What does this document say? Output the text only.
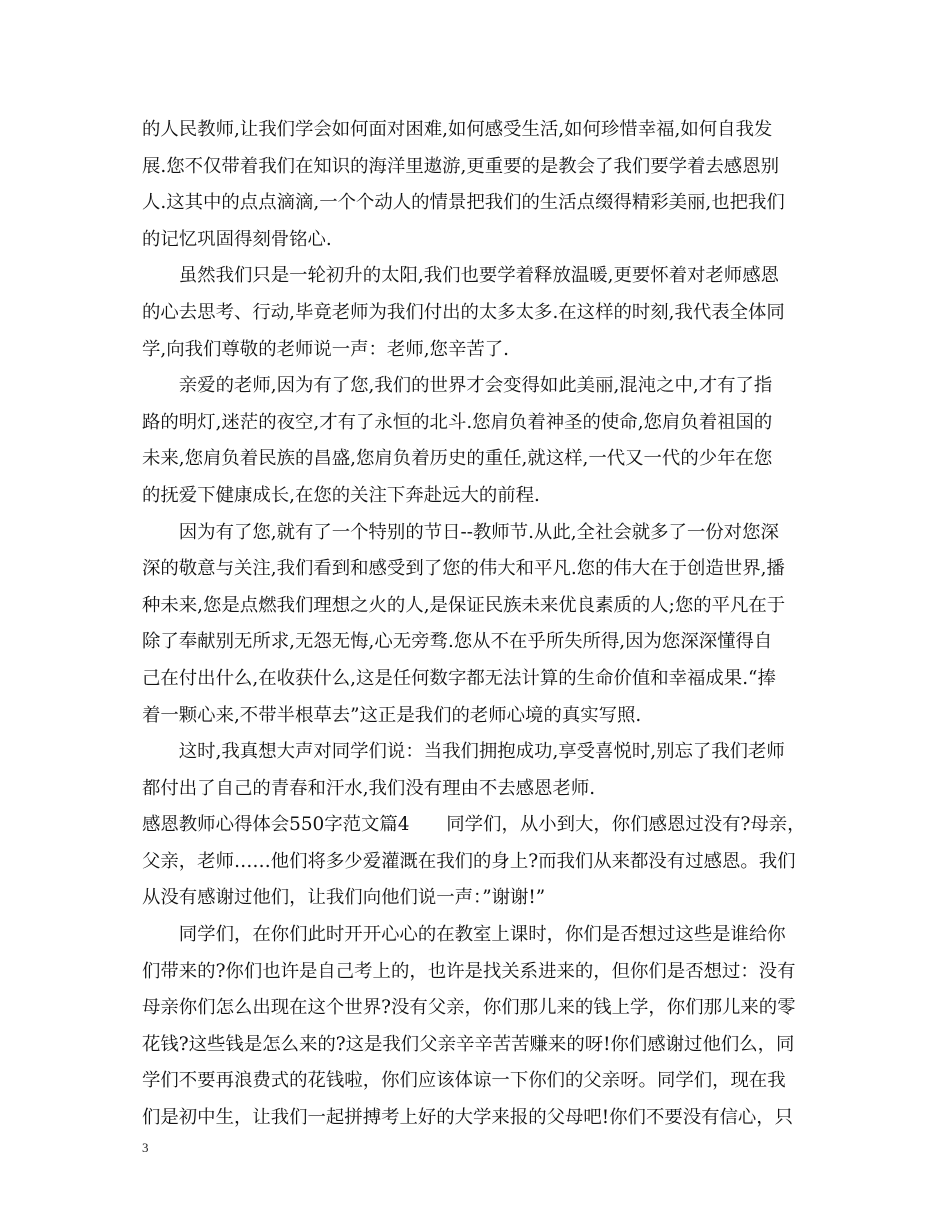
的人民教师,让我们学会如何面对困难,如何感受生活,如何珍惜幸福,如何自我发
展.您不仅带着我们在知识的海洋里遨游,更重要的是教会了我们要学着去感恩别
人.这其中的点点滴滴,一个个动人的情景把我们的生活点缀得精彩美丽,也把我们
的记忆巩固得刻骨铭心.
　　虽然我们只是一轮初升的太阳,我们也要学着释放温暖,更要怀着对老师感恩
的心去思考、行动,毕竟老师为我们付出的太多太多.在这样的时刻,我代表全体同
学,向我们尊敬的老师说一声：老师,您辛苦了.
　　亲爱的老师,因为有了您,我们的世界才会变得如此美丽,混沌之中,才有了指
路的明灯,迷茫的夜空,才有了永恒的北斗.您肩负着神圣的使命,您肩负着祖国的
未来,您肩负着民族的昌盛,您肩负着历史的重任,就这样,一代又一代的少年在您
的抚爱下健康成长,在您的关注下奔赴远大的前程.
　　因为有了您,就有了一个特别的节日--教师节.从此,全社会就多了一份对您深
深的敬意与关注,我们看到和感受到了您的伟大和平凡.您的伟大在于创造世界,播
种未来,您是点燃我们理想之火的人,是保证民族未来优良素质的人;您的平凡在于
除了奉献别无所求,无怨无悔,心无旁骛.您从不在乎所失所得,因为您深深懂得自
己在付出什么,在收获什么,这是任何数字都无法计算的生命价值和幸福成果.“捧
着一颗心来,不带半根草去”这正是我们的老师心境的真实写照.
　　这时,我真想大声对同学们说：当我们拥抱成功,享受喜悦时,别忘了我们老师
都付出了自己的青春和汗水,我们没有理由不去感恩老师.
感恩教师心得体会550字范文篇4　　同学们，从小到大，你们感恩过没有?母亲，
父亲，老师……他们将多少爱灌溉在我们的身上?而我们从来都没有过感恩。我们
从没有感谢过他们，让我们向他们说一声：”谢谢!”
　　同学们，在你们此时开开心心的在教室上课时，你们是否想过这些是谁给你
们带来的?你们也许是自己考上的，也许是找关系进来的，但你们是否想过：没有
母亲你们怎么出现在这个世界?没有父亲，你们那儿来的钱上学，你们那儿来的零
花钱?这些钱是怎么来的?这是我们父亲辛辛苦苦赚来的呀!你们感谢过他们么，同
学们不要再浪费式的花钱啦，你们应该体谅一下你们的父亲呀。同学们，现在我
们是初中生，让我们一起拼搏考上好的大学来报的父母吧!你们不要没有信心，只
3
